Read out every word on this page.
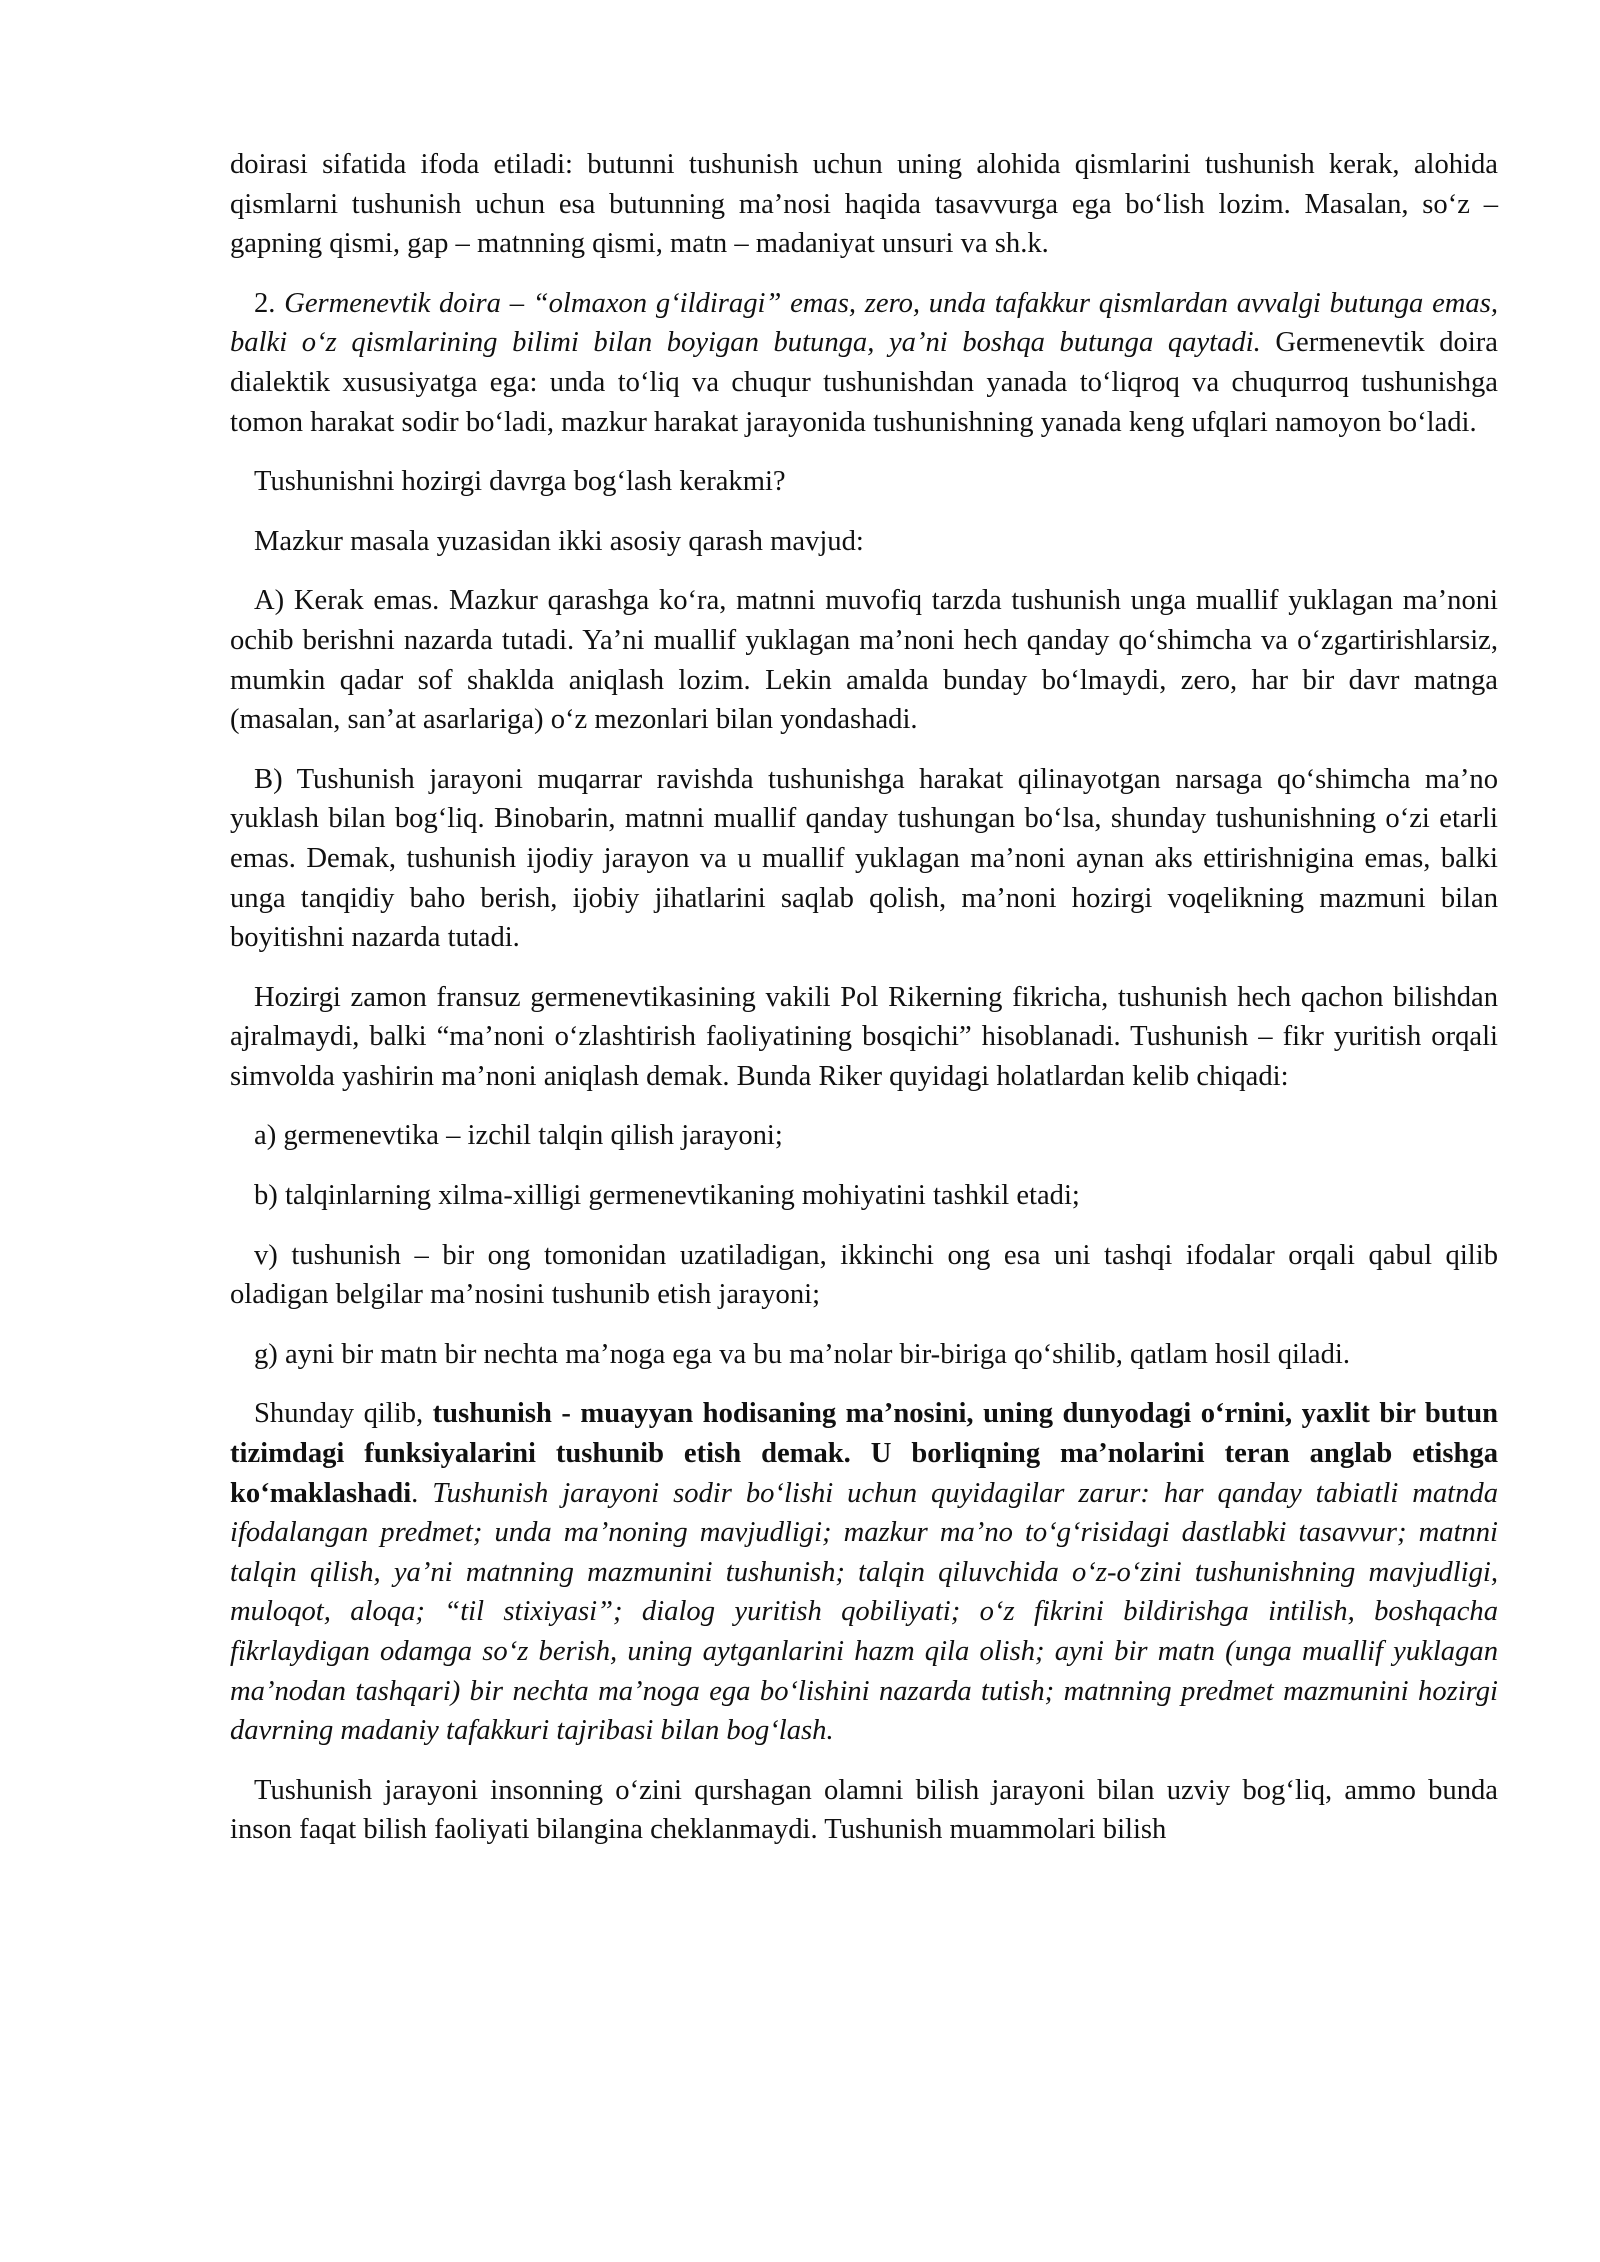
doirasi sifatida ifoda etiladi: butunni tushunish uchun uning alohida qismlarini tushunish kerak, alohida qismlarni tushunish uchun esa butunning ma’nosi haqida tasavvurga ega bo‘lish lozim. Masalan, so‘z – gapning qismi, gap – matnning qismi, matn – madaniyat unsuri va sh.k.

2. Germenevtik doira – “olmaxon g‘ildiragi” emas, zero, unda tafakkur qismlardan avvalgi butunga emas, balki o‘z qismlarining bilimi bilan boyigan butunga, ya’ni boshqa butunga qaytadi. Germenevtik doira dialektik xususiyatga ega: unda to‘liq va chuqur tushunishdan yanada to‘liqroq va chuqurroq tushunishga tomon harakat sodir bo‘ladi, mazkur harakat jarayonida tushunishning yanada keng ufqlari namoyon bo‘ladi.

Tushunishni hozirgi davrga bog‘lash kerakmi?

Mazkur masala yuzasidan ikki asosiy qarash mavjud:

A) Kerak emas. Mazkur qarashga ko‘ra, matnni muvofiq tarzda tushunish unga muallif yuklagan ma’noni ochib berishni nazarda tutadi. Ya’ni muallif yuklagan ma’noni hech qanday qo‘shimcha va o‘zgartirishlarsiz, mumkin qadar sof shaklda aniqlash lozim. Lekin amalda bunday bo‘lmaydi, zero, har bir davr matnga (masalan, san’at asarlariga) o‘z mezonlari bilan yondashadi.

B) Tushunish jarayoni muqarrar ravishda tushunishga harakat qilinayotgan narsaga qo‘shimcha ma’no yuklash bilan bog‘liq. Binobarin, matnni muallif qanday tushungan bo‘lsa, shunday tushunishning o‘zi etarli emas. Demak, tushunish ijodiy jarayon va u muallif yuklagan ma’noni aynan aks ettirishnigina emas, balki unga tanqidiy baho berish, ijobiy jihatlarini saqlab qolish, ma’noni hozirgi voqelikning mazmuni bilan boyitishni nazarda tutadi.

Hozirgi zamon fransuz germenevtikasining vakili Pol Rikerning fikricha, tushunish hech qachon bilishdan ajralmaydi, balki “ma’noni o‘zlashtirish faoliyatining bosqichi” hisoblanadi. Tushunish – fikr yuritish orqali simvolda yashirin ma’noni aniqlash demak. Bunda Riker quyidagi holatlardan kelib chiqadi:

a) germenevtika – izchil talqin qilish jarayoni;

b) talqinlarning xilma-xilligi germenevtikaning mohiyatini tashkil etadi;

v) tushunish – bir ong tomonidan uzatiladigan, ikkinchi ong esa uni tashqi ifodalar orqali qabul qilib oladigan belgilar ma’nosini tushunib etish jarayoni;

g) ayni bir matn bir nechta ma’noga ega va bu ma’nolar bir-biriga qo‘shilib, qatlam hosil qiladi.

Shunday qilib, tushunish - muayyan hodisaning ma’nosini, uning dunyodagi o‘rnini, yaxlit bir butun tizimdagi funksiyalarini tushunib etish demak. U borliqning ma’nolarini teran anglab etishga ko‘maklashadi. Tushunish jarayoni sodir bo‘lishi uchun quyidagilar zarur: har qanday tabiatli matnda ifodalangan predmet; unda ma’noning mavjudligi; mazkur ma’no to‘g‘risidagi dastlabki tasavvur; matnni talqin qilish, ya’ni matnning mazmunini tushunish; talqin qiluvchida o‘z-o‘zini tushunishning mavjudligi, muloqot, aloqa; “til stixiyasi”; dialog yuritish qobiliyati; o‘z fikrini bildirishga intilish, boshqacha fikrlaydigan odamga so‘z berish, uning aytganlarini hazm qila olish; ayni bir matn (unga muallif yuklagan ma’nodan tashqari) bir nechta ma’noga ega bo‘lishini nazarda tutish; matnning predmet mazmunini hozirgi davrning madaniy tafakkuri tajribasi bilan bog‘lash.

Tushunish jarayoni insonning o‘zini qurshagan olamni bilish jarayoni bilan uzviy bog‘liq, ammo bunda inson faqat bilish faoliyati bilangina cheklanmaydi. Tushunish muammolari bilish
